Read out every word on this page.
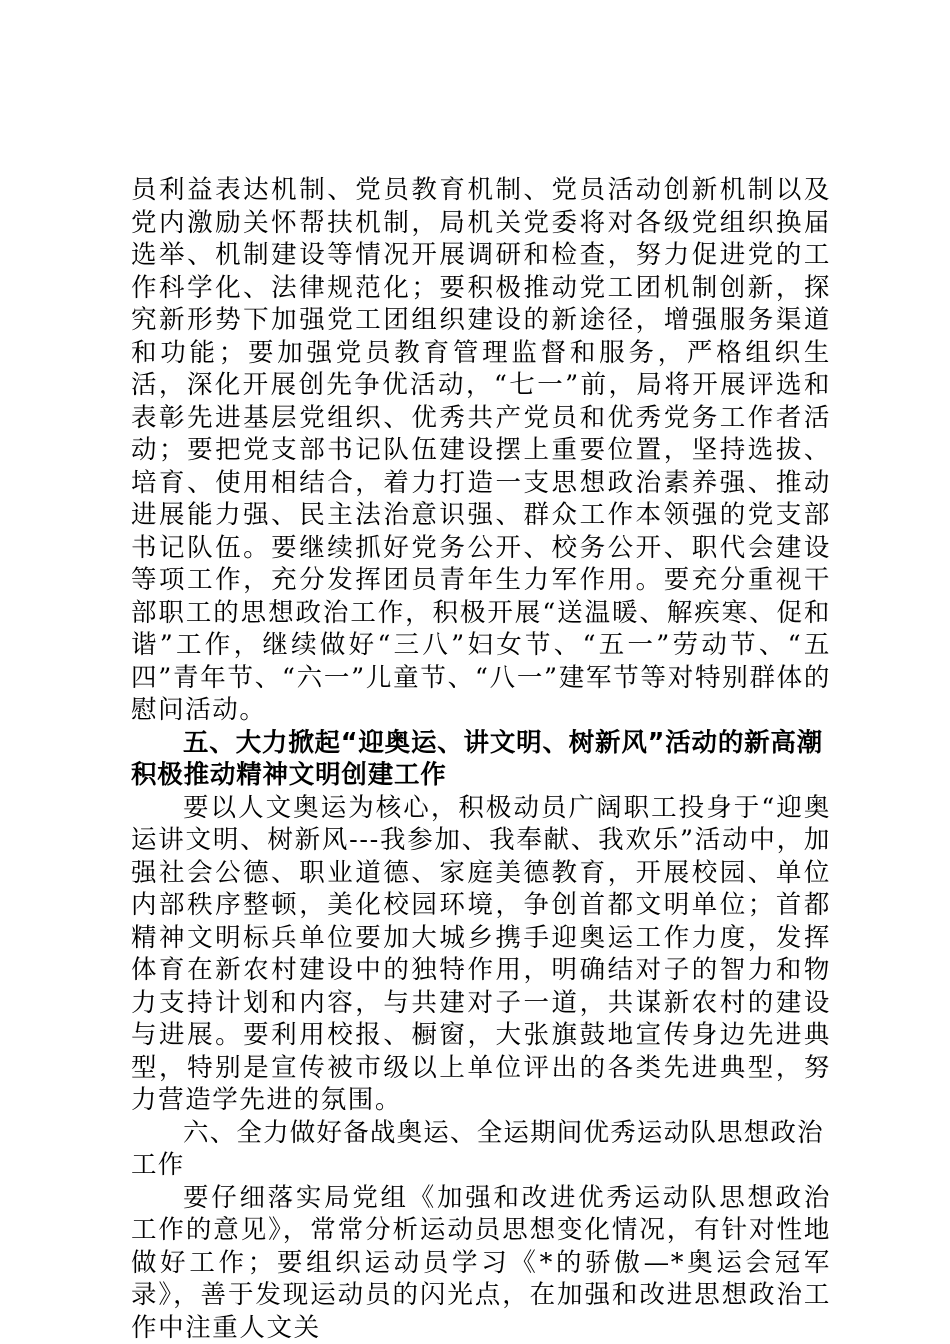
员利益表达机制、党员教育机制、党员活动创新机制以及党内激励关怀帮扶机制，局机关党委将对各级党组织换届选举、机制建设等情况开展调研和检查，努力促进党的工作科学化、法律规范化；要积极推动党工团机制创新，探究新形势下加强党工团组织建设的新途径，增强服务渠道和功能；要加强党员教育管理监督和服务，严格组织生活，深化开展创先争优活动，“七一”前，局将开展评选和表彰先进基层党组织、优秀共产党员和优秀党务工作者活动；要把党支部书记队伍建设摆上重要位置，坚持选拔、培育、使用相结合，着力打造一支思想政治素养强、推动进展能力强、民主法治意识强、群众工作本领强的党支部书记队伍。要继续抓好党务公开、校务公开、职代会建设等项工作，充分发挥团员青年生力军作用。要充分重视干部职工的思想政治工作，积极开展“送温暖、解疾寒、促和谐”工作，继续做好“三八”妇女节、“五一”劳动节、“五四”青年节、“六一”儿童节、“八一”建军节等对特别群体的慰问活动。

五、大力掀起“迎奥运、讲文明、树新风”活动的新高潮积极推动精神文明创建工作

要以人文奥运为核心，积极动员广阔职工投身于“迎奥运讲文明、树新风---我参加、我奉献、我欢乐”活动中，加强社会公德、职业道德、家庭美德教育，开展校园、单位内部秩序整顿，美化校园环境，争创首都文明单位；首都精神文明标兵单位要加大城乡携手迎奥运工作力度，发挥体育在新农村建设中的独特作用，明确结对子的智力和物力支持计划和内容，与共建对子一道，共谋新农村的建设与进展。要利用校报、橱窗，大张旗鼓地宣传身边先进典型，特别是宣传被市级以上单位评出的各类先进典型，努力营造学先进的氛围。

六、全力做好备战奥运、全运期间优秀运动队思想政治工作

要仔细落实局党组《加强和改进优秀运动队思想政治工作的意见》，常常分析运动员思想变化情况，有针对性地做好工作；要组织运动员学习《*的骄傲—*奥运会冠军录》，善于发现运动员的闪光点，在加强和改进思想政治工作中注重人文关
